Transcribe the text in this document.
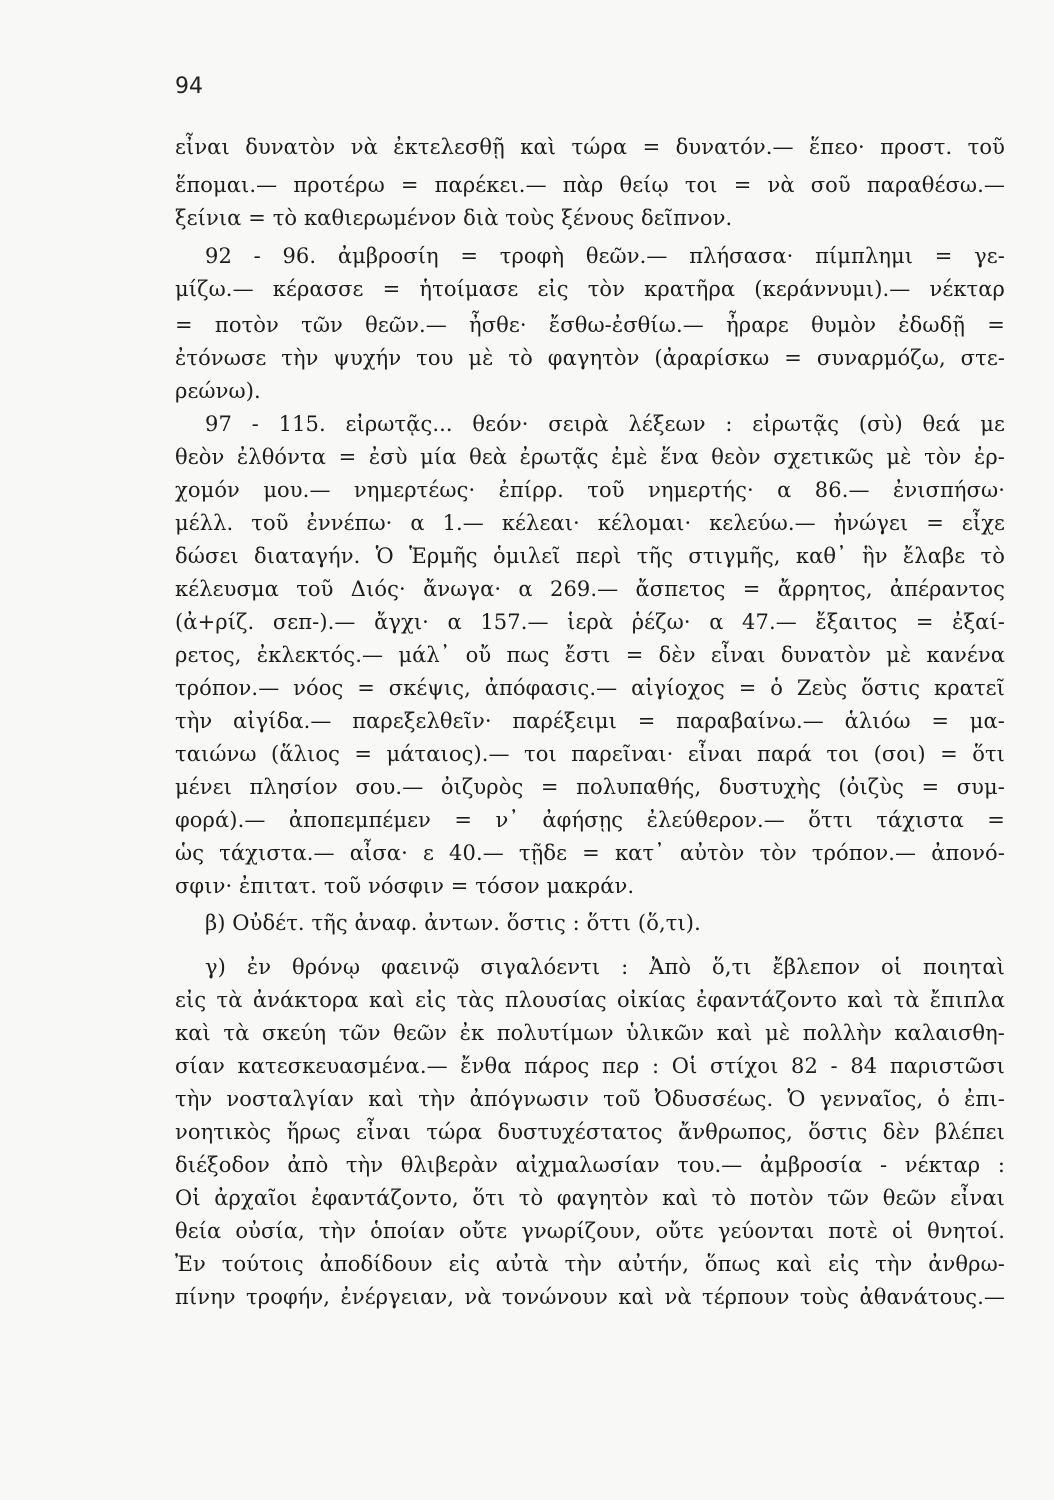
94
εἶναι δυνατὸν νὰ ἐκτελεσθῇ καὶ τώρα = δυνατόν.— ἕπεο· προστ. τοῦ
ἕπομαι.— προτέρω = παρέκει.— πὰρ θείῳ τοι = νὰ σοῦ παραθέσω.—
ξείνια = τὸ καθιερωμένον διὰ τοὺς ξένους δεῖπνον.
92 - 96. ἀμβροσίη = τροφὴ θεῶν.— πλήσασα· πίμπλημι = γε-
μίζω.— κέρασσε = ἡτοίμασε εἰς τὸν κρατῆρα (κεράννυμι).— νέκταρ
= ποτὸν τῶν θεῶν.— ἦσθε· ἔσθω-ἐσθίω.— ἦραρε θυμὸν ἐδωδῇ =
ἐτόνωσε τὴν ψυχήν του μὲ τὸ φαγητὸν (ἀραρίσκω = συναρμόζω, στε-
ρεώνω).
97 - 115. εἰρωτᾷς... θεόν· σειρὰ λέξεων : εἰρωτᾷς (σὺ) θεά με
θεὸν ἐλθόντα = ἐσὺ μία θεὰ ἐρωτᾷς ἐμὲ ἕνα θεὸν σχετικῶς μὲ τὸν ἐρ-
χομόν μου.— νημερτέως· ἐπίρρ. τοῦ νημερτής· α 86.— ἐνισπήσω·
μέλλ. τοῦ ἐννέπω· α 1.— κέλεαι· κέλομαι· κελεύω.— ἠνώγει = εἶχε
δώσει διαταγήν. Ὁ Ἑρμῆς ὁμιλεῖ περὶ τῆς στιγμῆς, καθ᾽ ἣν ἔλαβε τὸ
κέλευσμα τοῦ Διός· ἄνωγα· α 269.— ἄσπετος = ἄρρητος, ἀπέραντος
(ἀ+ρίζ. σεπ-).— ἄγχι· α 157.— ἱερὰ ῥέζω· α 47.— ἔξαιτος = ἐξαί-
ρετος, ἐκλεκτός.— μάλ᾽ οὔ πως ἔστι = δὲν εἶναι δυνατὸν μὲ κανένα
τρόπον.— νόος = σκέψις, ἀπόφασις.— αἰγίοχος = ὁ Ζεὺς ὅστις κρατεῖ
τὴν αἰγίδα.— παρεξελθεῖν· παρέξειμι = παραβαίνω.— ἁλιόω = μα-
ταιώνω (ἅλιος = μάταιος).— τοι παρεῖναι· εἶναι παρά τοι (σοι) = ὅτι
μένει πλησίον σου.— ὀιζυρὸς = πολυπαθής, δυστυχὴς (ὀιζὺς = συμ-
φορά).— ἀποπεμπέμεν = ν᾽ ἀφήσῃς ἐλεύθερον.— ὅττι τάχιστα =
ὡς τάχιστα.— αἶσα· ε 40.— τῇδε = κατ᾽ αὐτὸν τὸν τρόπον.— ἀπονό-
σφιν· ἐπιτατ. τοῦ νόσφιν = τόσον μακράν.
β) Οὐδέτ. τῆς ἀναφ. ἀντων. ὅστις : ὅττι (ὅ,τι).
γ) ἐν θρόνῳ φαεινῷ σιγαλόεντι : Ἀπὸ ὅ,τι ἔβλεπον οἱ ποιηταὶ
εἰς τὰ ἀνάκτορα καὶ εἰς τὰς πλουσίας οἰκίας ἐφαντάζοντο καὶ τὰ ἔπιπλα
καὶ τὰ σκεύη τῶν θεῶν ἐκ πολυτίμων ὑλικῶν καὶ μὲ πολλὴν καλαισθη-
σίαν κατεσκευασμένα.— ἔνθα πάρος περ : Οἱ στίχοι 82 - 84 παριστῶσι
τὴν νοσταλγίαν καὶ τὴν ἀπόγνωσιν τοῦ Ὀδυσσέως. Ὁ γενναῖος, ὁ ἐπι-
νοητικὸς ἥρως εἶναι τώρα δυστυχέστατος ἄνθρωπος, ὅστις δὲν βλέπει
διέξοδον ἀπὸ τὴν θλιβερὰν αἰχμαλωσίαν του.— ἀμβροσία - νέκταρ :
Οἱ ἀρχαῖοι ἐφαντάζοντο, ὅτι τὸ φαγητὸν καὶ τὸ ποτὸν τῶν θεῶν εἶναι
θεία οὐσία, τὴν ὁποίαν οὔτε γνωρίζουν, οὔτε γεύονται ποτὲ οἱ θνητοί.
Ἐν τούτοις ἀποδίδουν εἰς αὐτὰ τὴν αὐτήν, ὅπως καὶ εἰς τὴν ἀνθρω-
πίνην τροφήν, ἐνέργειαν, νὰ τονώνουν καὶ νὰ τέρπουν τοὺς ἀθανάτους.—
